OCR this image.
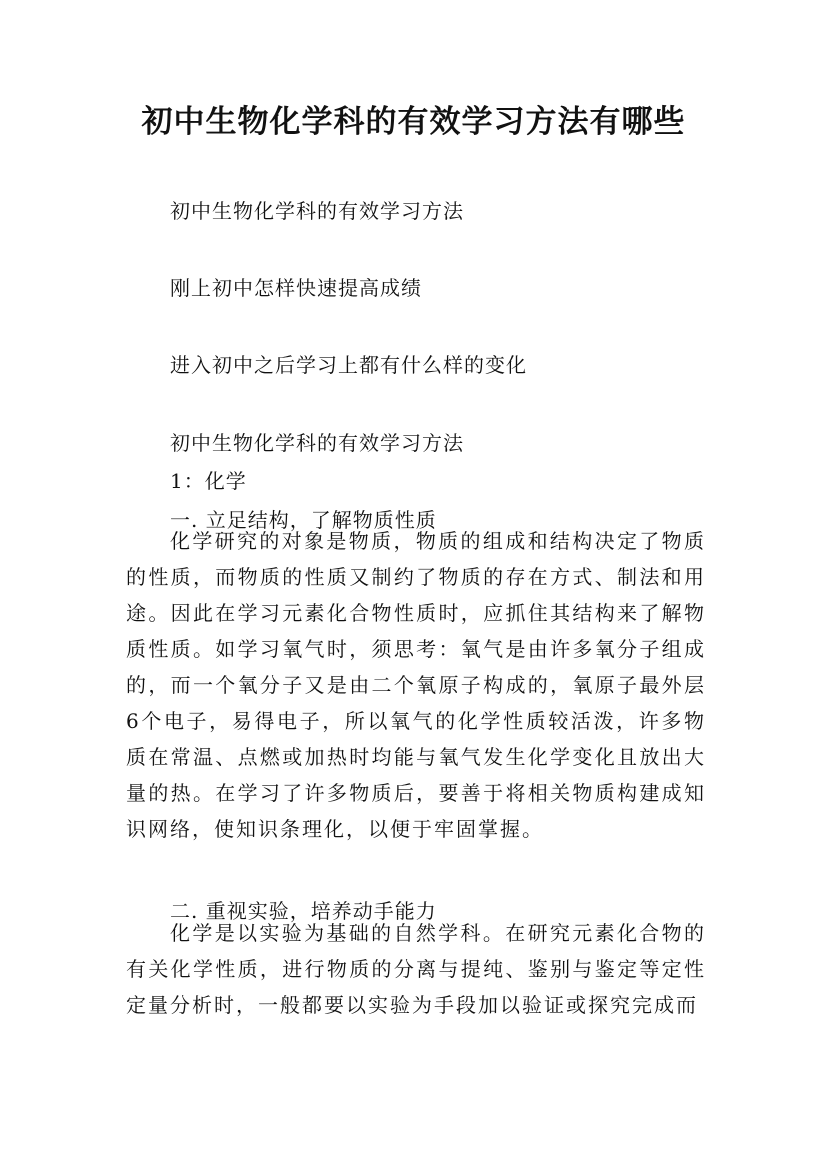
初中生物化学科的有效学习方法有哪些
初中生物化学科的有效学习方法
刚上初中怎样快速提高成绩
进入初中之后学习上都有什么样的变化
初中生物化学科的有效学习方法
1：化学
一. 立足结构，了解物质性质

化学研究的对象是物质，物质的组成和结构决定了物质的性质，而物质的性质又制约了物质的存在方式、制法和用途。因此在学习元素化合物性质时，应抓住其结构来了解物质性质。如学习氧气时，须思考：氧气是由许多氧分子组成的，而一个氧分子又是由二个氧原子构成的，氧原子最外层6个电子，易得电子，所以氧气的化学性质较活泼，许多物质在常温、点燃或加热时均能与氧气发生化学变化且放出大量的热。在学习了许多物质后，要善于将相关物质构建成知识网络，使知识条理化，以便于牢固掌握。

二. 重视实验，培养动手能力

化学是以实验为基础的自然学科。在研究元素化合物的有关化学性质，进行物质的分离与提纯、鉴别与鉴定等定性定量分析时，一般都要以实验为手段加以验证或探究完成而
